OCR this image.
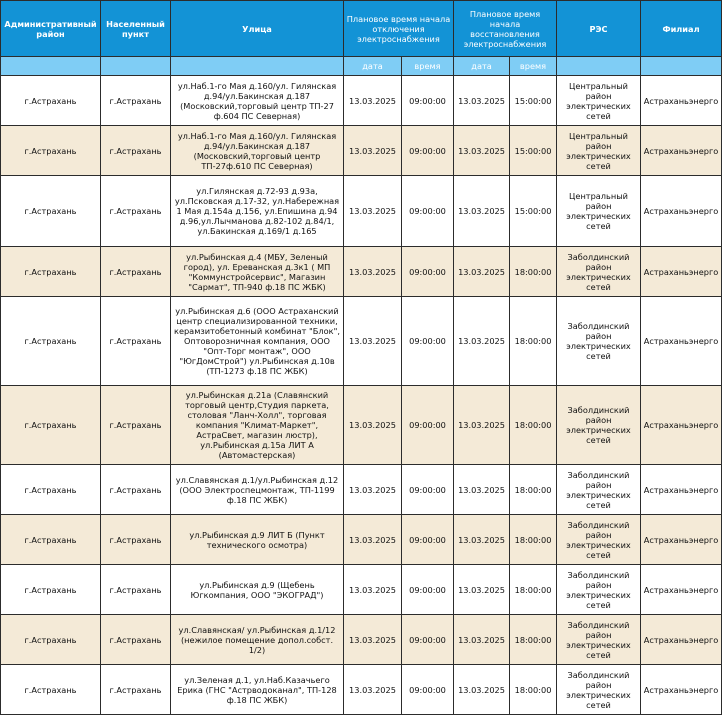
Административный район	Населенный пункт	Улица	Плановое время начала отключения электроснабжения		Плановое время начала восстановления электроснабжения		РЭС	Филиал
			дата	время	дата	время		
г.Астрахань	г.Астрахань	ул.Наб.1-го Мая д.160/ул. Гилянская д.94/ул.Бакинская д.187 (Московский,торговый центр ТП-27 ф.604 ПС Северная)	13.03.2025	09:00:00	13.03.2025	15:00:00	Центральный район электрических сетей	Астраханьэнерго
г.Астрахань	г.Астрахань	ул.Наб.1-го Мая д.160/ул. Гилянская д.94/ул.Бакинская д.187 (Московский,торговый центр ТП-27ф.610 ПС Северная)	13.03.2025	09:00:00	13.03.2025	15:00:00	Центральный район электрических сетей	Астраханьэнерго
г.Астрахань	г.Астрахань	ул.Гилянская д.72-93 д.93а, ул.Псковская д.17-32, ул.Набережная 1 Мая д.154а д.156, ул.Епишина д.94 д.96,ул.Лычманова д.82-102 д.84/1, ул.Бакинская д.169/1 д.165	13.03.2025	09:00:00	13.03.2025	15:00:00	Центральный район электрических сетей	Астраханьэнерго
г.Астрахань	г.Астрахань	ул.Рыбинская д.4 (МБУ, Зеленый город), ул. Ереванская д.3к1 ( МП "Коммунстройсервис", Магазин "Сармат", ТП-940 ф.18 ПС ЖБК)	13.03.2025	09:00:00	13.03.2025	18:00:00	Заболдинский район электрических сетей	Астраханьэнерго
г.Астрахань	г.Астрахань	ул.Рыбинская д.6 (ООО Астраханский центр специализированной техники, керамзитобетонный комбинат "Блок", Оптоворозничная компания, ООО "Опт-Торг монтаж", ООО "ЮгДомСтрой") ул.Рыбинская д.10в (ТП-1273 ф.18 ПС ЖБК)	13.03.2025	09:00:00	13.03.2025	18:00:00	Заболдинский район электрических сетей	Астраханьэнерго
г.Астрахань	г.Астрахань	ул.Рыбинская д.21а (Славянский торговый центр,Студия паркета, столовая "Ланч-Холл", торговая компания "Климат-Маркет", АстраСвет, магазин люстр), ул.Рыбинская д.15а ЛИТ А (Автомастерская)	13.03.2025	09:00:00	13.03.2025	18:00:00	Заболдинский район электрических сетей	Астраханьэнерго
г.Астрахань	г.Астрахань	ул.Славянская д.1/ул.Рыбинская д.12 (ООО Электроспецмонтаж, ТП-1199 ф.18 ПС ЖБК)	13.03.2025	09:00:00	13.03.2025	18:00:00	Заболдинский район электрических сетей	Астраханьэнерго
г.Астрахань	г.Астрахань	ул.Рыбинская д.9 ЛИТ Б (Пункт технического осмотра)	13.03.2025	09:00:00	13.03.2025	18:00:00	Заболдинский район электрических сетей	Астраханьэнерго
г.Астрахань	г.Астрахань	ул.Рыбинская д.9 (Щебень Югкомпания, ООО "ЭКОГРАД")	13.03.2025	09:00:00	13.03.2025	18:00:00	Заболдинский район электрических сетей	Астраханьэнерго
г.Астрахань	г.Астрахань	ул.Славянская/ ул.Рыбинская д.1/12 (нежилое помещение допол.собст. 1/2)	13.03.2025	09:00:00	13.03.2025	18:00:00	Заболдинский район электрических сетей	Астраханьэнерго
г.Астрахань	г.Астрахань	ул.Зеленая д.1, ул.Наб.Казачьего Ерика (ГНС "Астрводоканал", ТП-128 ф.18 ПС ЖБК)	13.03.2025	09:00:00	13.03.2025	18:00:00	Заболдинский район электрических сетей	Астраханьэнерго
